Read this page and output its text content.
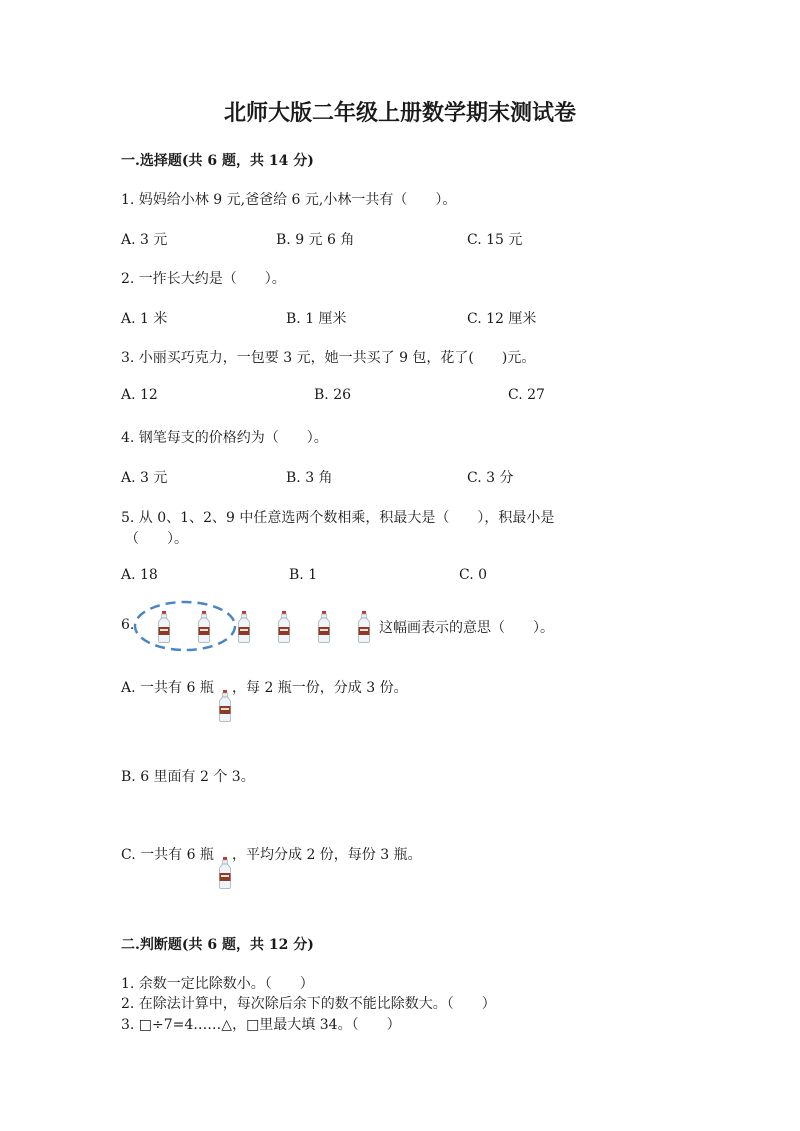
北师大版二年级上册数学期末测试卷
一.选择题(共 6 题，共 14 分)
1. 妈妈给小林 9 元,爸爸给 6 元,小林一共有（　　）。
A. 3 元	B. 9 元 6 角	C. 15 元
2. 一拃长大约是（　　）。
A. 1 米	B. 1 厘米	C. 12 厘米
3. 小丽买巧克力，一包要 3 元，她一共买了 9 包，花了(　　)元。
A. 12	B. 26	C. 27
4. 钢笔每支的价格约为（　　）。
A. 3 元	B. 3 角	C. 3 分
5. 从 0、1、2、9 中任意选两个数相乘，积最大是（　　），积最小是
（　　）。
A. 18	B. 1	C. 0
6.	这幅画表示的意思（　　）。
A. 一共有 6 瓶 ，每 2 瓶一份，分成 3 份。
B. 6 里面有 2 个 3。
C. 一共有 6 瓶 ，平均分成 2 份，每份 3 瓶。
二.判断题(共 6 题，共 12 分)
1. 余数一定比除数小。（　　）
2. 在除法计算中，每次除后余下的数不能比除数大。（　　）
3. □÷7=4……△，□里最大填 34。（　　）
